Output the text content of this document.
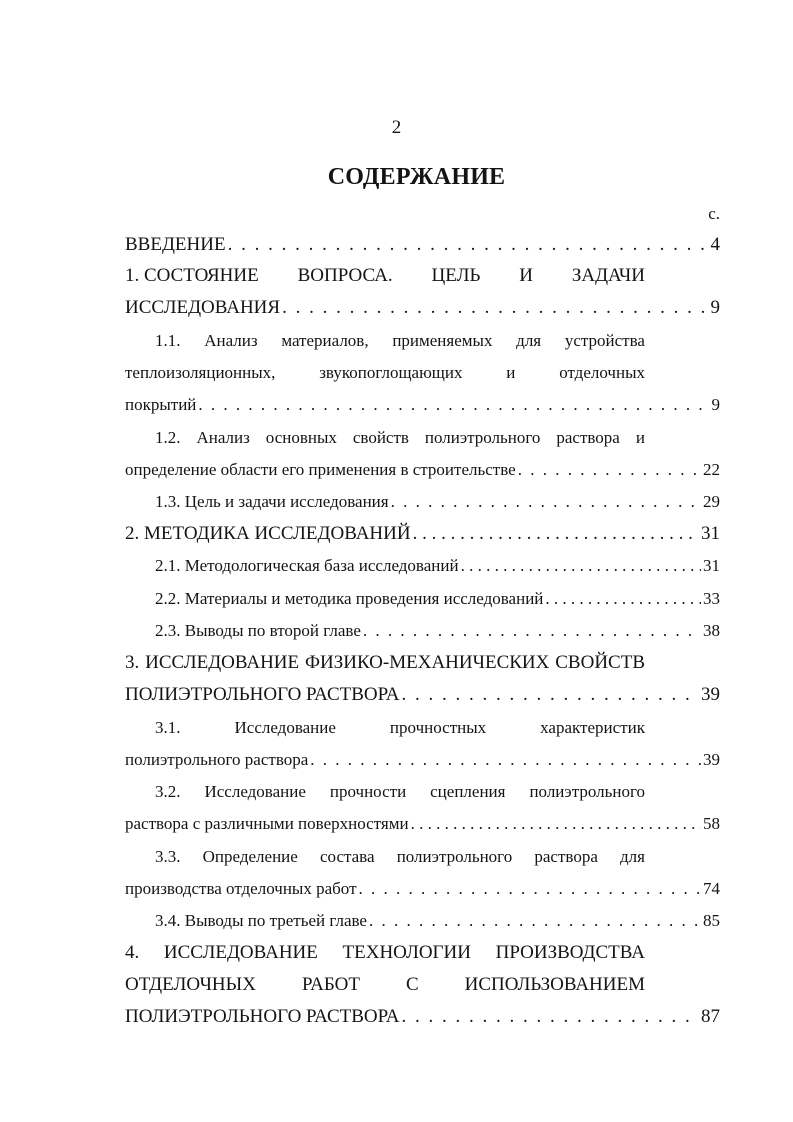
2
СОДЕРЖАНИЕ
с.
ВВЕДЕНИЕ . . .	4
1. СОСТОЯНИЕ ВОПРОСА. ЦЕЛЬ И ЗАДАЧИ
ИССЛЕДОВАНИЯ . . .	9
1.1. Анализ материалов, применяемых для устройства
теплоизоляционных,	звукопоглощающих	и	отделочных
покрытий . . .	9
1.2. Анализ основных свойств полиэтрольного раствора и
определение области его применения в строительстве . . .	22
1.3. Цель и задачи исследования . . .	29
2. МЕТОДИКА ИССЛЕДОВАНИЙ . . .	31
2.1. Методологическая база исследований . . .	31
2.2. Материалы и методика проведения исследований . . .	33
2.3. Выводы по второй главе . . .	38
3. ИССЛЕДОВАНИЕ ФИЗИКО-МЕХАНИЧЕСКИХ СВОЙСТВ
ПОЛИЭТРОЛЬНОГО РАСТВОРА . . .	39
3.1.	Исследование	прочностных	характеристик
полиэтрольного раствора . . .	39
3.2. Исследование прочности сцепления полиэтрольного
раствора с различными поверхностями . . .	58
3.3. Определение состава полиэтрольного раствора для
производства отделочных работ . . .	74
3.4. Выводы по третьей главе . . .	85
4. ИССЛЕДОВАНИЕ ТЕХНОЛОГИИ ПРОИЗВОДСТВА
ОТДЕЛОЧНЫХ РАБОТ С ИСПОЛЬЗОВАНИЕМ
ПОЛИЭТРОЛЬНОГО РАСТВОРА . . .	87
